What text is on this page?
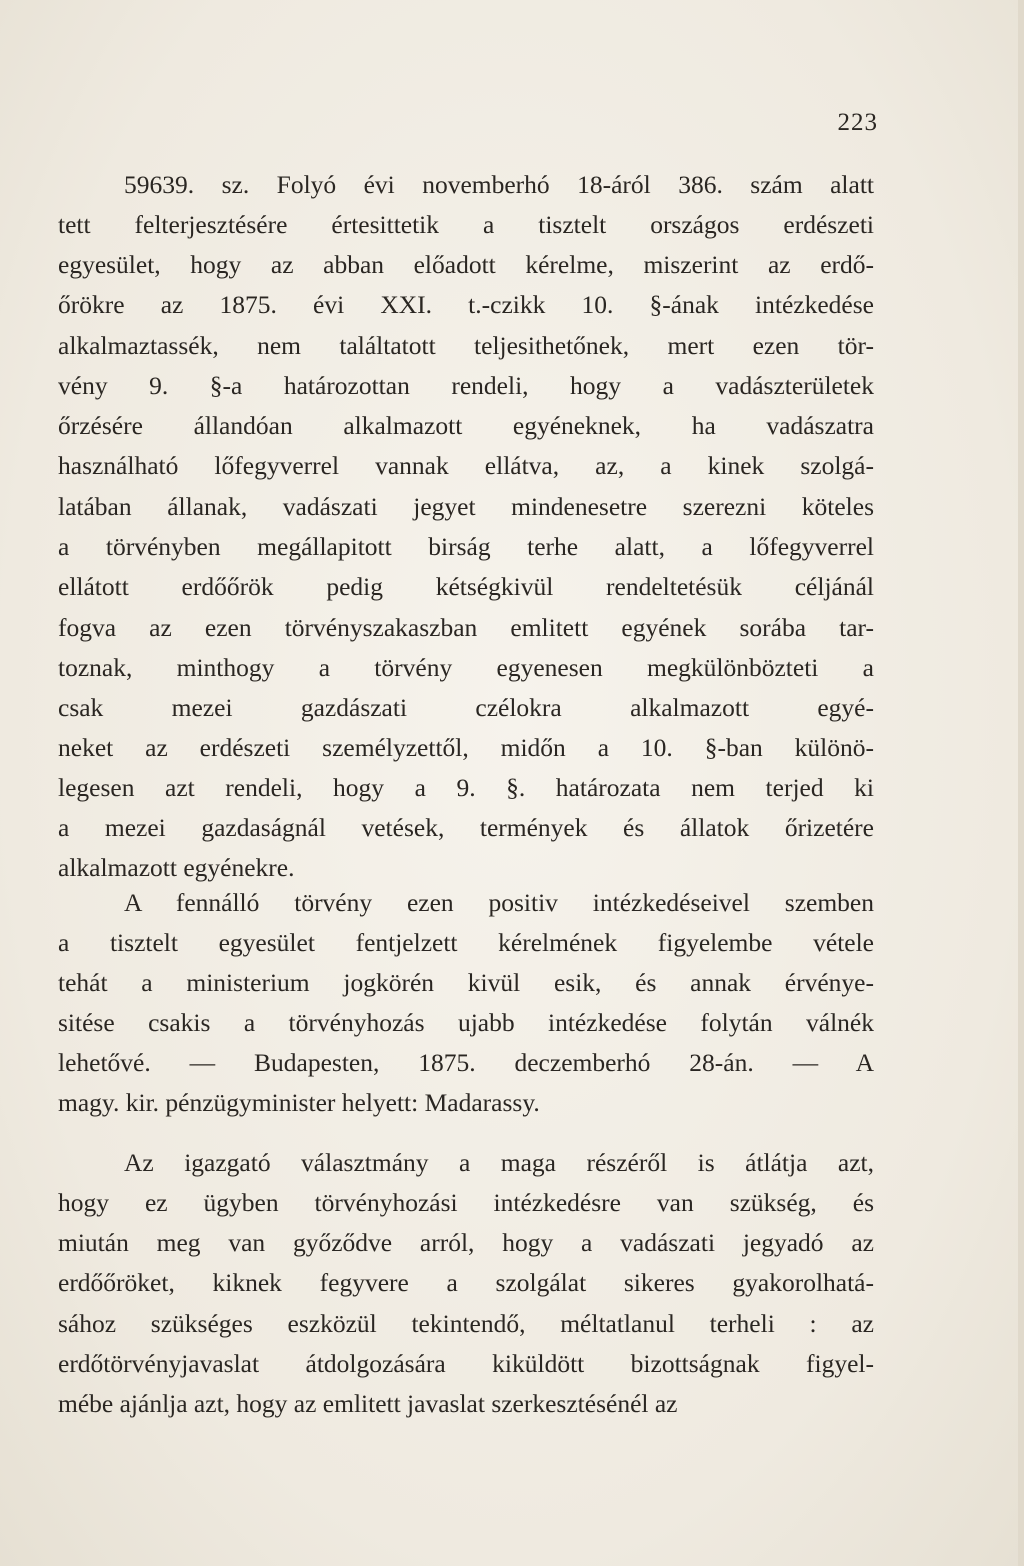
223
59639. sz. Folyó évi novemberhó 18-áról 386. szám alatt
tett felterjesztésére értesittetik a tisztelt országos erdészeti
egyesület, hogy az abban előadott kérelme, miszerint az erdő-
őrökre az 1875. évi XXI. t.-czikk 10. §-ának intézkedése
alkalmaztassék, nem találtatott teljesithetőnek, mert ezen tör-
vény 9. §-a határozottan rendeli, hogy a vadászterületek
őrzésére állandóan alkalmazott egyéneknek, ha vadászatra
használható lőfegyverrel vannak ellátva, az, a kinek szolgá-
latában állanak, vadászati jegyet mindenesetre szerezni köteles
a törvényben megállapitott birság terhe alatt, a lőfegyverrel
ellátott erdőőrök pedig kétségkivül rendeltetésük céljánál
fogva az ezen törvényszakaszban emlitett egyének sorába tar-
toznak, minthogy a törvény egyenesen megkülönbözteti a
csak mezei gazdászati czélokra alkalmazott egyé-
neket az erdészeti személyzettől, midőn a 10. §-ban különö-
legesen azt rendeli, hogy a 9. §. határozata nem terjed ki
a mezei gazdaságnál vetések, termények és állatok őrizetére
alkalmazott egyénekre.
A fennálló törvény ezen positiv intézkedéseivel szemben
a tisztelt egyesület fentjelzett kérelmének figyelembe vétele
tehát a ministerium jogkörén kivül esik, és annak érvénye-
sitése csakis a törvényhozás ujabb intézkedése folytán válnék
lehetővé. — Budapesten, 1875. deczemberhó 28-án. — A
magy. kir. pénzügyminister helyett: Madarassy.
Az igazgató választmány a maga részéről is átlátja azt,
hogy ez ügyben törvényhozási intézkedésre van szükség, és
miután meg van győződve arról, hogy a vadászati jegyadó az
erdőőröket, kiknek fegyvere a szolgálat sikeres gyakorolhatá-
sához szükséges eszközül tekintendő, méltatlanul terheli : az
erdőtörvényjavaslat átdolgozására kiküldött bizottságnak figyel-
mébe ajánlja azt, hogy az emlitett javaslat szerkesztésénél az
